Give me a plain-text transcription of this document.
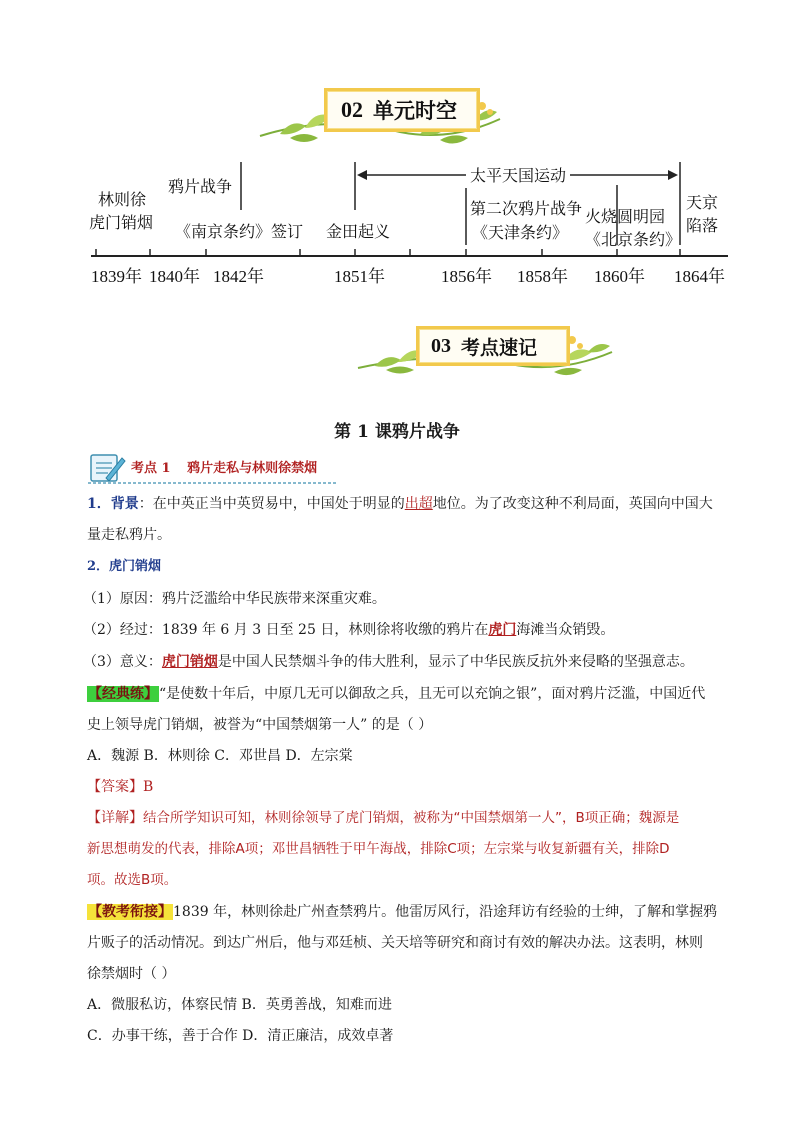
02 单元时空
太平天国运动
林则徐
虎门销烟
鸦片战争
《南京条约》签订 金田起义
第二次鸦片战争
《天津条约》
火烧圆明园
《北京条约》
天京
陷落
1839年 1840年 1842年	1851年	1856年 1858年 1860年 1864年
03 考点速记
第 1 课鸦片战争
考点 1 鸦片走私与林则徐禁烟
1．背景：在中英正当中英贸易中，中国处于明显的出超地位。为了改变这种不利局面，英国向中国大
量走私鸦片。
2．虎门销烟
（1）原因：鸦片泛滥给中华民族带来深重灾难。
（2）经过：1839 年 6 月 3 日至 25 日，林则徐将收缴的鸦片在虎门海滩当众销毁。
（3）意义：虎门销烟是中国人民禁烟斗争的伟大胜利，显示了中华民族反抗外来侵略的坚强意志。
【经典练】“是使数十年后，中原几无可以御敌之兵，且无可以充饷之银”，面对鸦片泛滥，中国近代
史上领导虎门销烟，被誉为“中国禁烟第一人” 的是（ ）
A．魏源 B．林则徐 C．邓世昌 D．左宗棠
【答案】B
【详解】结合所学知识可知，林则徐领导了虎门销烟，被称为“中国禁烟第一人”，B项正确；魏源是
新思想萌发的代表，排除A项；邓世昌牺牲于甲午海战，排除C项；左宗棠与收复新疆有关，排除D
项。故选B项。
【教考衔接】1839 年，林则徐赴广州查禁鸦片。他雷厉风行，沿途拜访有经验的士绅，了解和掌握鸦
片贩子的活动情况。到达广州后，他与邓廷桢、关天培等研究和商讨有效的解决办法。这表明，林则
徐禁烟时（ ）
A．微服私访，体察民情 B．英勇善战，知难而进
C．办事干练，善于合作 D．清正廉洁，成效卓著
